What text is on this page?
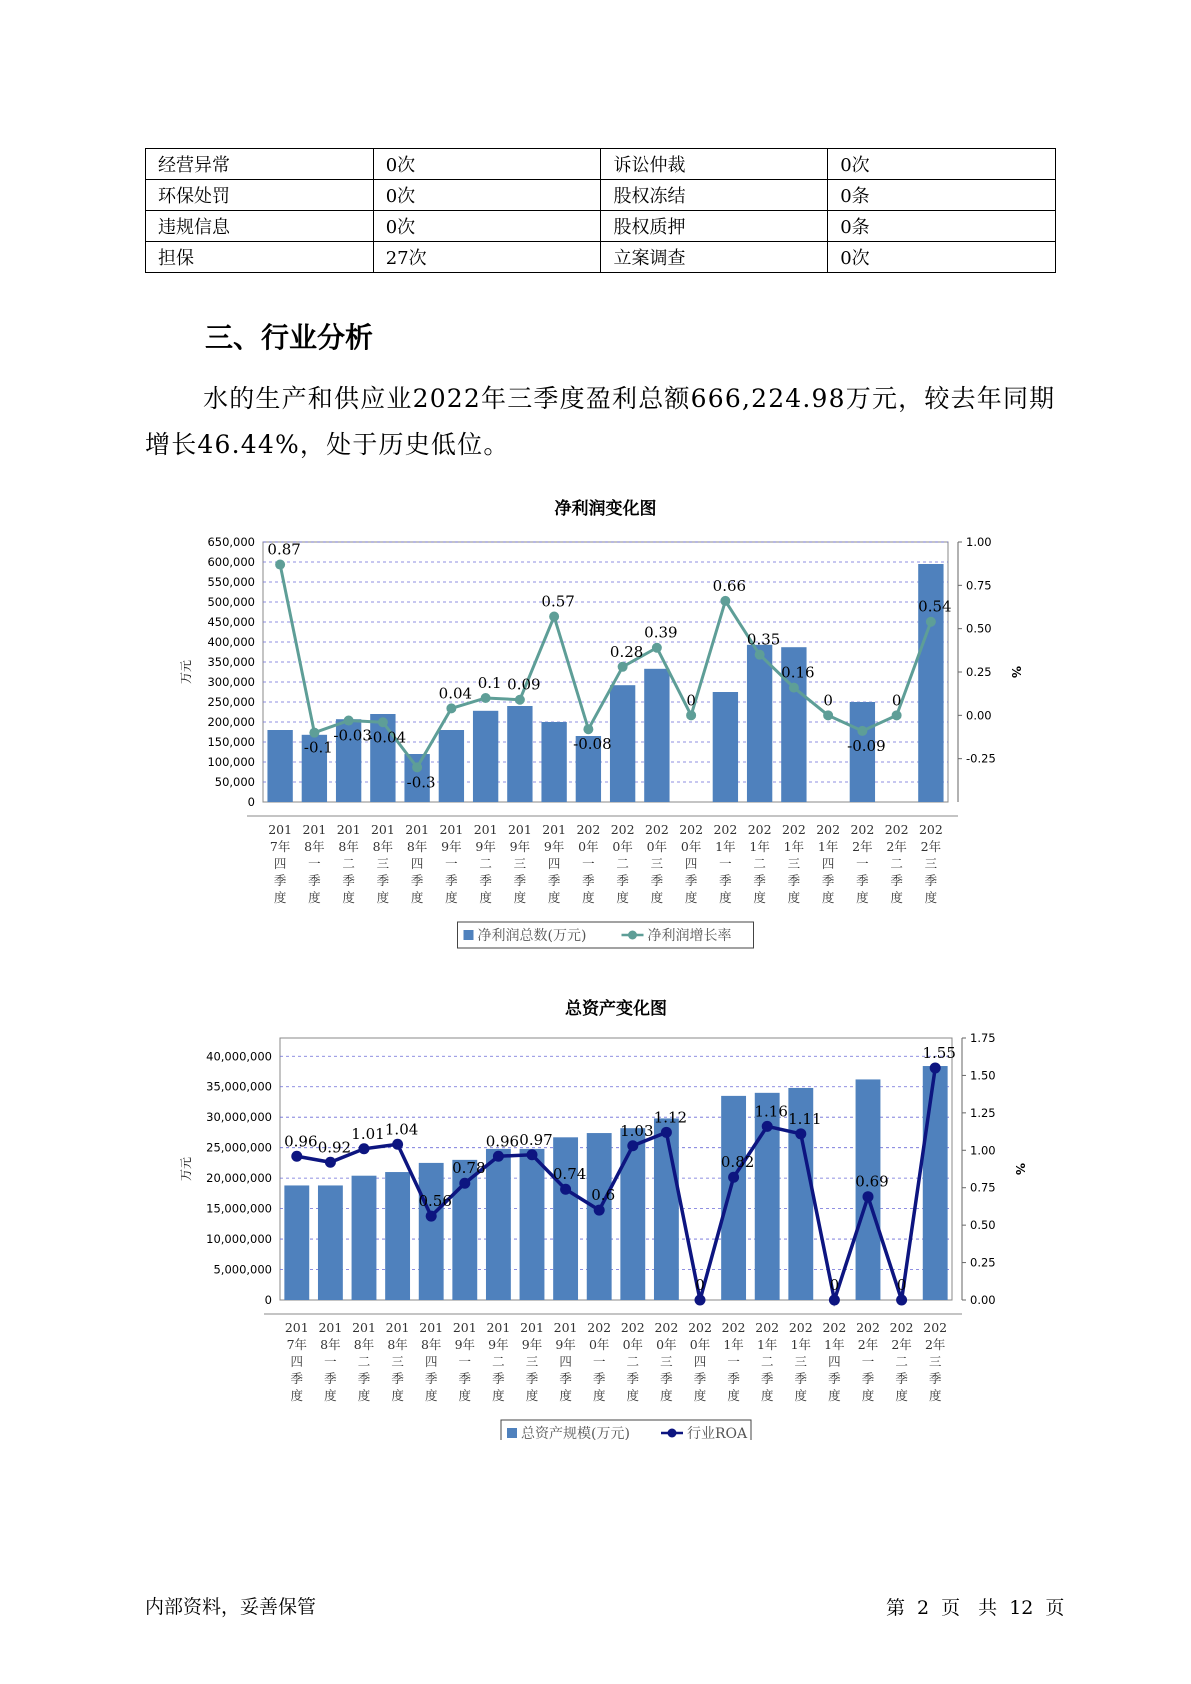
经营异常	0次	诉讼仲裁	0次
环保处罚	0次	股权冻结	0条
违规信息	0次	股权质押	0条
担保	27次	立案调查	0次
三、行业分析

水的生产和供应业2022年三季度盈利总额666,224.98万元，较去年同期增长46.44%，处于历史低位。

净利润变化图
0
50,000
100,000
150,000
200,000
250,000
300,000
350,000
400,000
450,000
500,000
550,000
600,000
650,000
-0.25
0.00
0.25
0.50
0.75
1.00
万元	%
0.87
-0.1
-0.03
-0.04
-0.3
0.04
0.1 0.09
0.57
-0.08
0.28
0.39
0
0.66
0.35
0.16
0
-0.09
0
0.54
201 7年四季度
201 8年一季度
201 8年二季度
201 8年三季度
201 8年四季度
201 9年一季度
201 9年二季度
201 9年三季度
201 9年四季度
202 0年一季度
202 0年二季度
202 0年三季度
202 0年四季度
202 1年一季度
202 1年二季度
202 1年三季度
202 1年四季度
202 2年一季度
202 2年二季度
202 2年三季度
净利润总数(万元)	净利润增长率
总资产变化图
0
5,000,000
10,000,000
15,000,000
20,000,000
25,000,000
30,000,000
35,000,000
40,000,000
0.00
0.25
0.50
0.75
1.00
1.25
1.50
1.75
万元	%
0.96 0.92
1.01 1.04
0.56
0.78
0.96 0.97
0.74
0.6
1.03
1.12
0
0.82
1.16 1.11
0
0.69
0
1.55
201 7年四季度
201 8年一季度
201 8年二季度
201 8年三季度
201 8年四季度
201 9年一季度
201 9年二季度
201 9年三季度
201 9年四季度
202 0年一季度
202 0年二季度
202 0年三季度
202 0年四季度
202 1年一季度
202 1年二季度
202 1年三季度
202 1年四季度
202 2年一季度
202 2年二季度
202 2年三季度
总资产规模(万元)	行业ROA
内部资料，妥善保管	第 2 页 共 12 页
